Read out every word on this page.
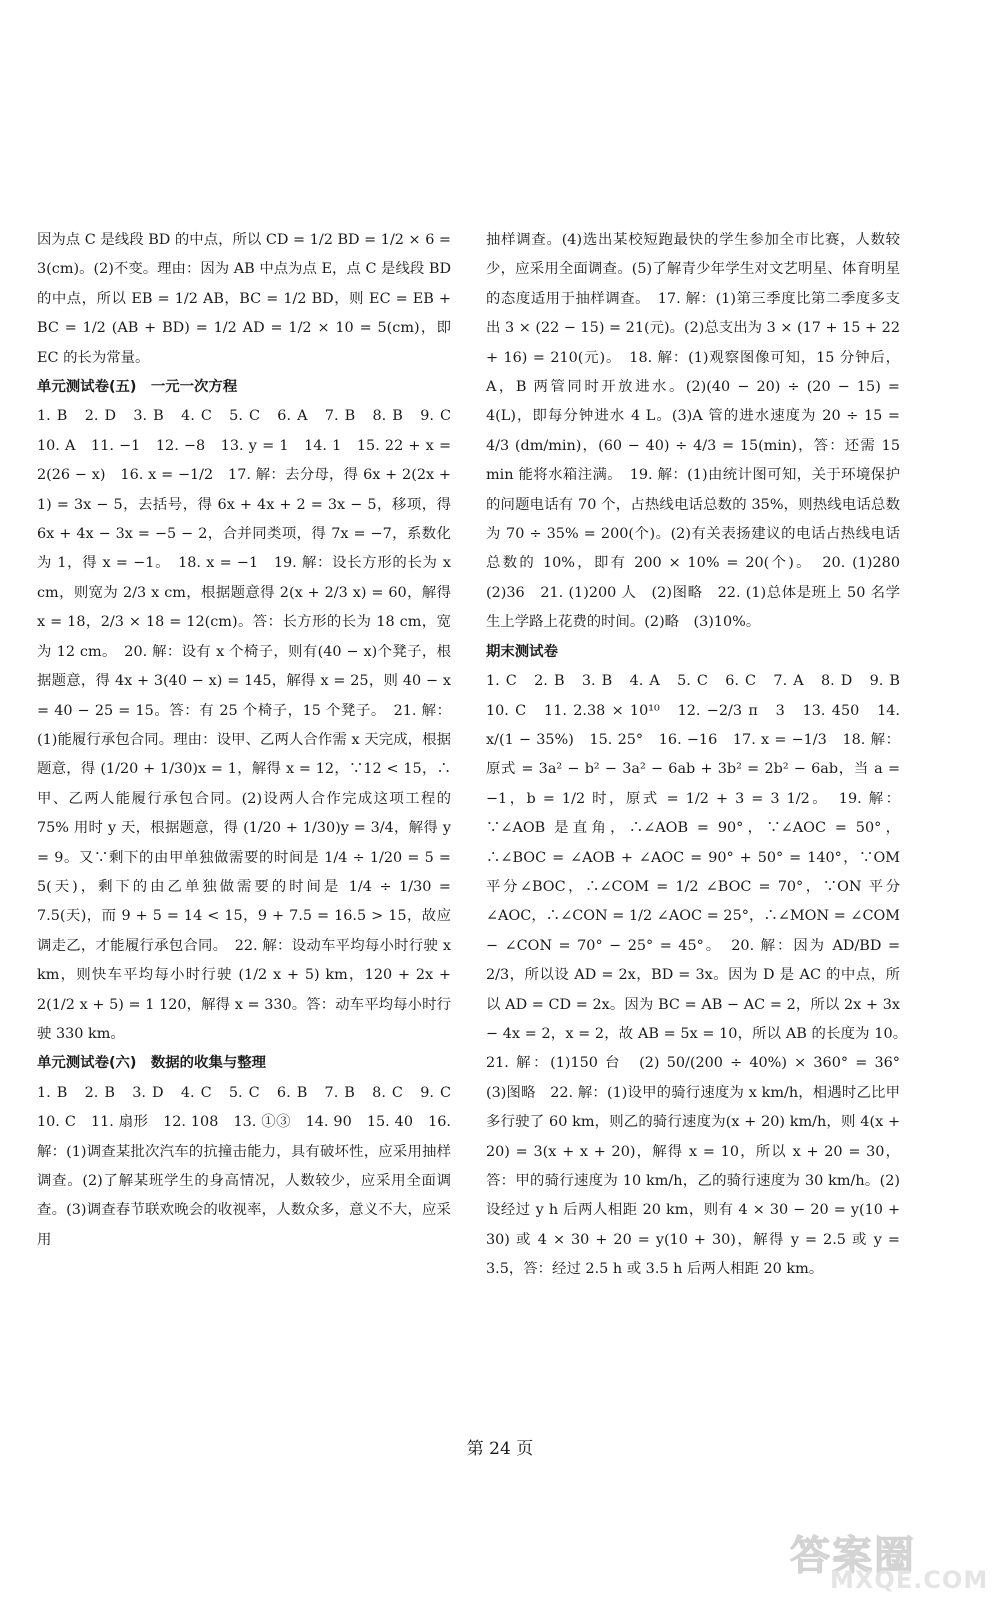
因为点 C 是线段 BD 的中点，所以 CD = 1/2 BD = 1/2 × 6 = 3(cm)。(2)不变。理由：因为 AB 中点为点 E，点 C 是线段 BD 的中点，所以 EB = 1/2 AB，BC = 1/2 BD，则 EC = EB + BC = 1/2 (AB + BD) = 1/2 AD = 1/2 × 10 = 5(cm)，即 EC 的长为常量。

单元测试卷(五)　一元一次方程

1. B　2. D　3. B　4. C　5. C　6. A　7. B　8. B　9. C　10. A　11. −1　12. −8　13. y = 1　14. 1　15. 22 + x = 2(26 − x)　16. x = −1/2　17. 解：去分母，得 6x + 2(2x + 1) = 3x − 5，去括号，得 6x + 4x + 2 = 3x − 5，移项，得 6x + 4x − 3x = −5 − 2，合并同类项，得 7x = −7，系数化为 1，得 x = −1。　18. x = −1　19. 解：设长方形的长为 x cm，则宽为 2/3 x cm，根据题意得 2(x + 2/3 x) = 60，解得 x = 18，2/3 × 18 = 12(cm)。答：长方形的长为 18 cm，宽为 12 cm。　20. 解：设有 x 个椅子，则有(40 − x)个凳子，根据题意，得 4x + 3(40 − x) = 145，解得 x = 25，则 40 − x = 40 − 25 = 15。答：有 25 个椅子，15 个凳子。　21. 解：(1)能履行承包合同。理由：设甲、乙两人合作需 x 天完成，根据题意，得 (1/20 + 1/30)x = 1，解得 x = 12，∵12 < 15，∴甲、乙两人能履行承包合同。(2)设两人合作完成这项工程的 75% 用时 y 天，根据题意，得 (1/20 + 1/30)y = 3/4，解得 y = 9。又∵剩下的由甲单独做需要的时间是 1/4 ÷ 1/20 = 5 = 5(天)，剩下的由乙单独做需要的时间是 1/4 ÷ 1/30 = 7.5(天)，而 9 + 5 = 14 < 15，9 + 7.5 = 16.5 > 15，故应调走乙，才能履行承包合同。　22. 解：设动车平均每小时行驶 x km，则快车平均每小时行驶 (1/2 x + 5) km，120 + 2x + 2(1/2 x + 5) = 1 120，解得 x = 330。答：动车平均每小时行驶 330 km。

单元测试卷(六)　数据的收集与整理

1. B　2. B　3. D　4. C　5. C　6. B　7. B　8. C　9. C　10. C　11. 扇形　12. 108　13. ①③　14. 90　15. 40　16. 解：(1)调查某批次汽车的抗撞击能力，具有破坏性，应采用抽样调查。(2)了解某班学生的身高情况，人数较少，应采用全面调查。(3)调查春节联欢晚会的收视率，人数众多，意义不大，应采用

抽样调查。(4)选出某校短跑最快的学生参加全市比赛，人数较少，应采用全面调查。(5)了解青少年学生对文艺明星、体育明星的态度适用于抽样调查。　17. 解：(1)第三季度比第二季度多支出 3 × (22 − 15) = 21(元)。(2)总支出为 3 × (17 + 15 + 22 + 16) = 210(元)。　18. 解：(1)观察图像可知，15 分钟后，A，B 两管同时开放进水。(2)(40 − 20) ÷ (20 − 15) = 4(L)，即每分钟进水 4 L。(3)A 管的进水速度为 20 ÷ 15 = 4/3 (dm/min)，(60 − 40) ÷ 4/3 = 15(min)，答：还需 15 min 能将水箱注满。　19. 解：(1)由统计图可知，关于环境保护的问题电话有 70 个，占热线电话总数的 35%，则热线电话总数为 70 ÷ 35% = 200(个)。(2)有关表扬建议的电话占热线电话总数的 10%，即有 200 × 10% = 20(个)。　20. (1)280　(2)36　21. (1)200 人　(2)图略　22. (1)总体是班上 50 名学生上学路上花费的时间。(2)略　(3)10%。

期末测试卷

1. C　2. B　3. B　4. A　5. C　6. C　7. A　8. D　9. B　10. C　11. 2.38 × 10¹⁰　12. −2/3 π　3　13. 450　14. x/(1 − 35%)　15. 25°　16. −16　17. x = −1/3　18. 解：原式 = 3a² − b² − 3a² − 6ab + 3b² = 2b² − 6ab，当 a = −1，b = 1/2 时，原式 = 1/2 + 3 = 3 1/2。　19. 解：∵∠AOB 是直角，∴∠AOB = 90°，∵∠AOC = 50°，∴∠BOC = ∠AOB + ∠AOC = 90° + 50° = 140°，∵OM 平分∠BOC，∴∠COM = 1/2 ∠BOC = 70°，∵ON 平分∠AOC，∴∠CON = 1/2 ∠AOC = 25°，∴∠MON = ∠COM − ∠CON = 70° − 25° = 45°。　20. 解：因为 AD/BD = 2/3，所以设 AD = 2x，BD = 3x。因为 D 是 AC 的中点，所以 AD = CD = 2x。因为 BC = AB − AC = 2，所以 2x + 3x − 4x = 2，x = 2，故 AB = 5x = 10，所以 AB 的长度为 10。　21. 解：(1)150 台　(2) 50/(200 ÷ 40%) × 360° = 36°　(3)图略　22. 解：(1)设甲的骑行速度为 x km/h，相遇时乙比甲多行驶了 60 km，则乙的骑行速度为(x + 20) km/h，则 4(x + 20) = 3(x + x + 20)，解得 x = 10，所以 x + 20 = 30，答：甲的骑行速度为 10 km/h，乙的骑行速度为 30 km/h。(2)设经过 y h 后两人相距 20 km，则有 4 × 30 − 20 = y(10 + 30) 或 4 × 30 + 20 = y(10 + 30)，解得 y = 2.5 或 y = 3.5，答：经过 2.5 h 或 3.5 h 后两人相距 20 km。

第 24 页
答案圈
MXQE.COM
